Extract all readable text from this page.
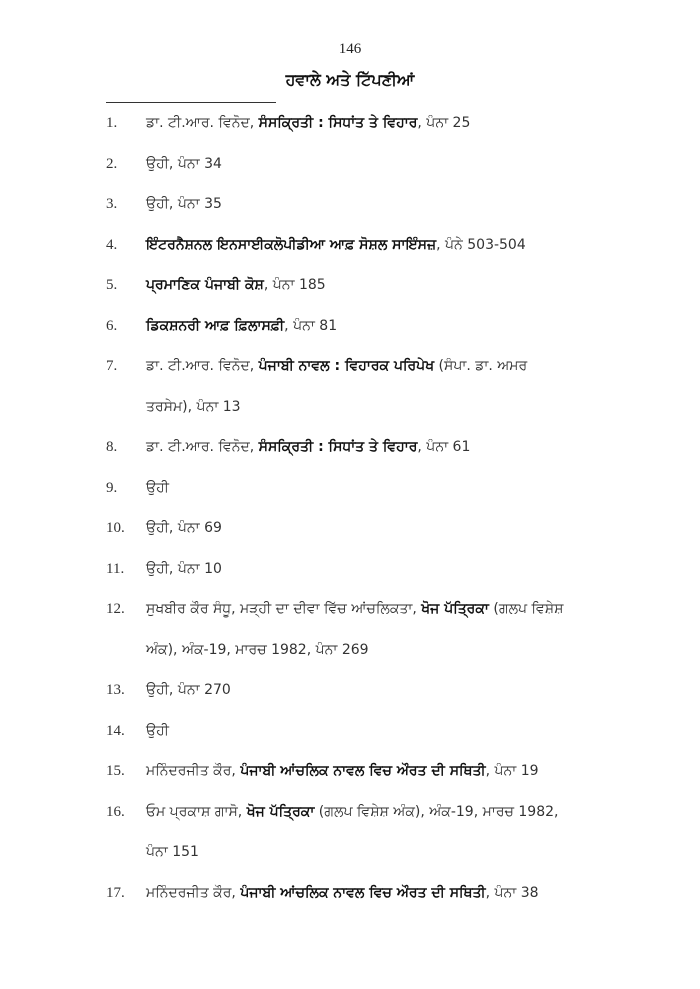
146
ਹਵਾਲੇ ਅਤੇ ਟਿੱਪਣੀਆਂ
1.	ਡਾ. ਟੀ.ਆਰ. ਵਿਨੋਦ, ਸੰਸਕ੍ਰਿਤੀ : ਸਿਧਾਂਤ ਤੇ ਵਿਹਾਰ, ਪੰਨਾ 25
2.	ਉਹੀ, ਪੰਨਾ 34
3.	ਉਹੀ, ਪੰਨਾ 35
4.	ਇੰਟਰਨੈਸ਼ਨਲ ਇਨਸਾਈਕਲੋਪੀਡੀਆ ਆਫ਼ ਸੋਸ਼ਲ ਸਾਇੰਸਜ਼, ਪੰਨੇ 503-504
5.	ਪ੍ਰਮਾਣਿਕ ਪੰਜਾਬੀ ਕੋਸ਼, ਪੰਨਾ 185
6.	ਡਿਕਸ਼ਨਰੀ ਆਫ਼ ਫ਼ਿਲਾਸਫ਼ੀ, ਪੰਨਾ 81
7.	ਡਾ. ਟੀ.ਆਰ. ਵਿਨੋਦ, ਪੰਜਾਬੀ ਨਾਵਲ : ਵਿਹਾਰਕ ਪਰਿਪੇਖ (ਸੰਪਾ. ਡਾ. ਅਮਰ
ਤਰਸੇਮ), ਪੰਨਾ 13
8.	ਡਾ. ਟੀ.ਆਰ. ਵਿਨੋਦ, ਸੰਸਕ੍ਰਿਤੀ : ਸਿਧਾਂਤ ਤੇ ਵਿਹਾਰ, ਪੰਨਾ 61
9.	ਉਹੀ
10.	ਉਹੀ, ਪੰਨਾ 69
11.	ਉਹੀ, ਪੰਨਾ 10
12.	ਸੁਖਬੀਰ ਕੌਰ ਸੰਧੂ, ਮੜ੍ਹੀ ਦਾ ਦੀਵਾ ਵਿੱਚ ਆਂਚਲਿਕਤਾ, ਖੋਜ ਪੱਤ੍ਰਿਕਾ (ਗਲਪ ਵਿਸ਼ੇਸ਼
ਅੰਕ), ਅੰਕ-19, ਮਾਰਚ 1982, ਪੰਨਾ 269
13.	ਉਹੀ, ਪੰਨਾ 270
14.	ਉਹੀ
15.	ਮਨਿੰਦਰਜੀਤ ਕੌਰ, ਪੰਜਾਬੀ ਆਂਚਲਿਕ ਨਾਵਲ ਵਿਚ ਔਰਤ ਦੀ ਸਥਿਤੀ, ਪੰਨਾ 19
16.	ਓਮ ਪ੍ਰਕਾਸ਼ ਗਾਸੋ, ਖੋਜ ਪੱਤ੍ਰਿਕਾ (ਗਲਪ ਵਿਸ਼ੇਸ਼ ਅੰਕ), ਅੰਕ-19, ਮਾਰਚ 1982,
ਪੰਨਾ 151
17.	ਮਨਿੰਦਰਜੀਤ ਕੌਰ, ਪੰਜਾਬੀ ਆਂਚਲਿਕ ਨਾਵਲ ਵਿਚ ਔਰਤ ਦੀ ਸਥਿਤੀ, ਪੰਨਾ 38
